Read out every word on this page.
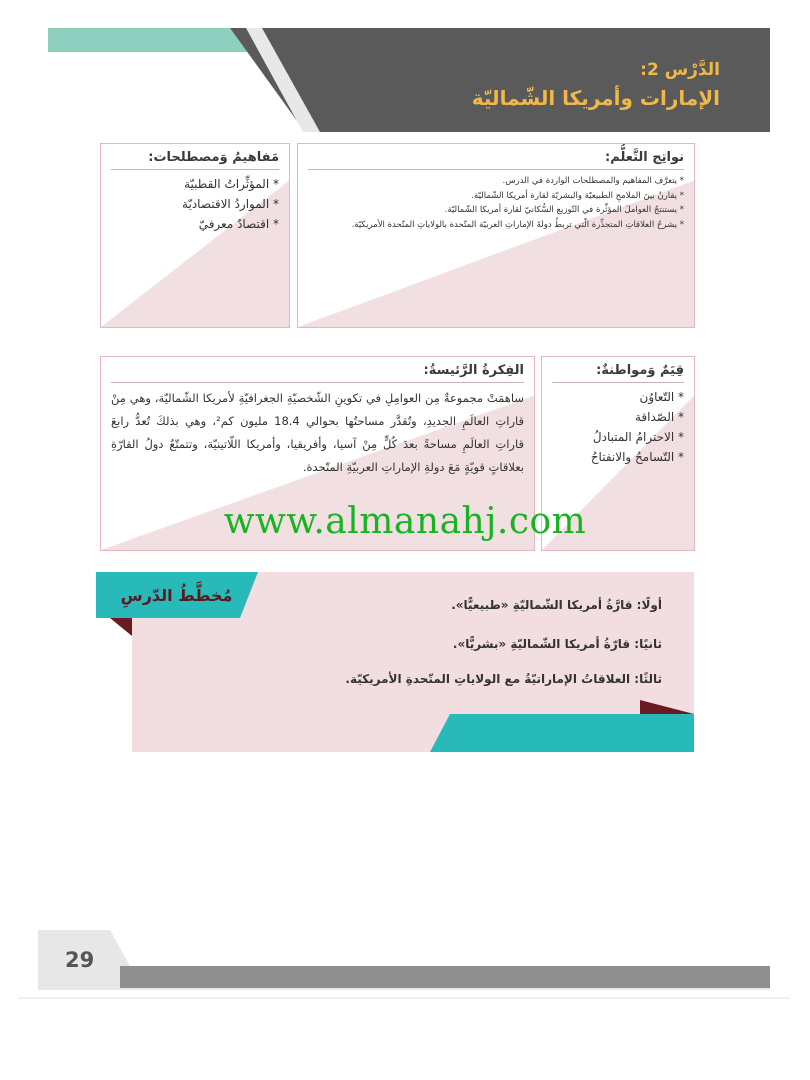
الدَّرْس 2:
الإمارات وأمريكا الشّماليّة
نواتِج التَّعلُّم:
* يتعرَّف المفاهيم والمصطلحات الواردة في الدرس.
* يقارنُ بينَ الملامحِ الطبيعيّة والبشريّة لقارة أمريكا الشّماليّة.
* يستنتجُ العواملَ المؤثِّرة في التّوزيع السُّكانيّ لقارة أمريكا الشّماليّة.
* يشرحُ العلاقاتِ المتجذِّرة الّتي تربطُ دولةَ الإماراتِ العربيّة المتّحدة بالولاياتِ المتّحدة الأمريكيّة.
مَفاهيمُ وَمصطلحات:
* المؤثِّراتُ القطبيّة
* المواردُ الاقتصاديّة
* اقتصادٌ معرفيّ
الفِكرةُ الرَّئيسةُ:
ساهمَتْ مجموعةٌ مِن العوامِلِ في تكوينِ الشّخصيّةِ الجغرافيّةِ لأمريكا الشّماليّة، وهي مِنْ قاراتِ العالَمِ الجديدِ، وتُقدَّر مساحتُها بحوالي 18.4 مليون كم²، وهي بذلكَ تُعدُّ رابعَ قاراتِ العالَمِ مساحةً بعدَ كُلٍّ مِنْ آسيا، وأفريقيا، وأمريكا اللّاتينيّة، وتتمتّعُ دولُ القارّةِ بعلاقاتٍ قويّةٍ مَعَ دولةِ الإماراتِ العربيّةِ المتّحدة.
قِيَمٌ وَمواطنةٌ:
* التّعاوُن
* الصّداقة
* الاحترامُ المتبادلُ
* التّسامحُ والانفتاحُ
www.almanahj.com
مُخطَّطُ الدّرسِ	أولًا: قارَّةُ أمريكا الشّماليّةِ «طبيعيًّا».
ثانيًا: قارّةُ أمريكا الشّماليّةِ «بشريًّا».
ثالثًا: العلاقاتُ الإماراتيّةُ مع الولاياتِ المتّحدةِ الأمريكيّة.
29
